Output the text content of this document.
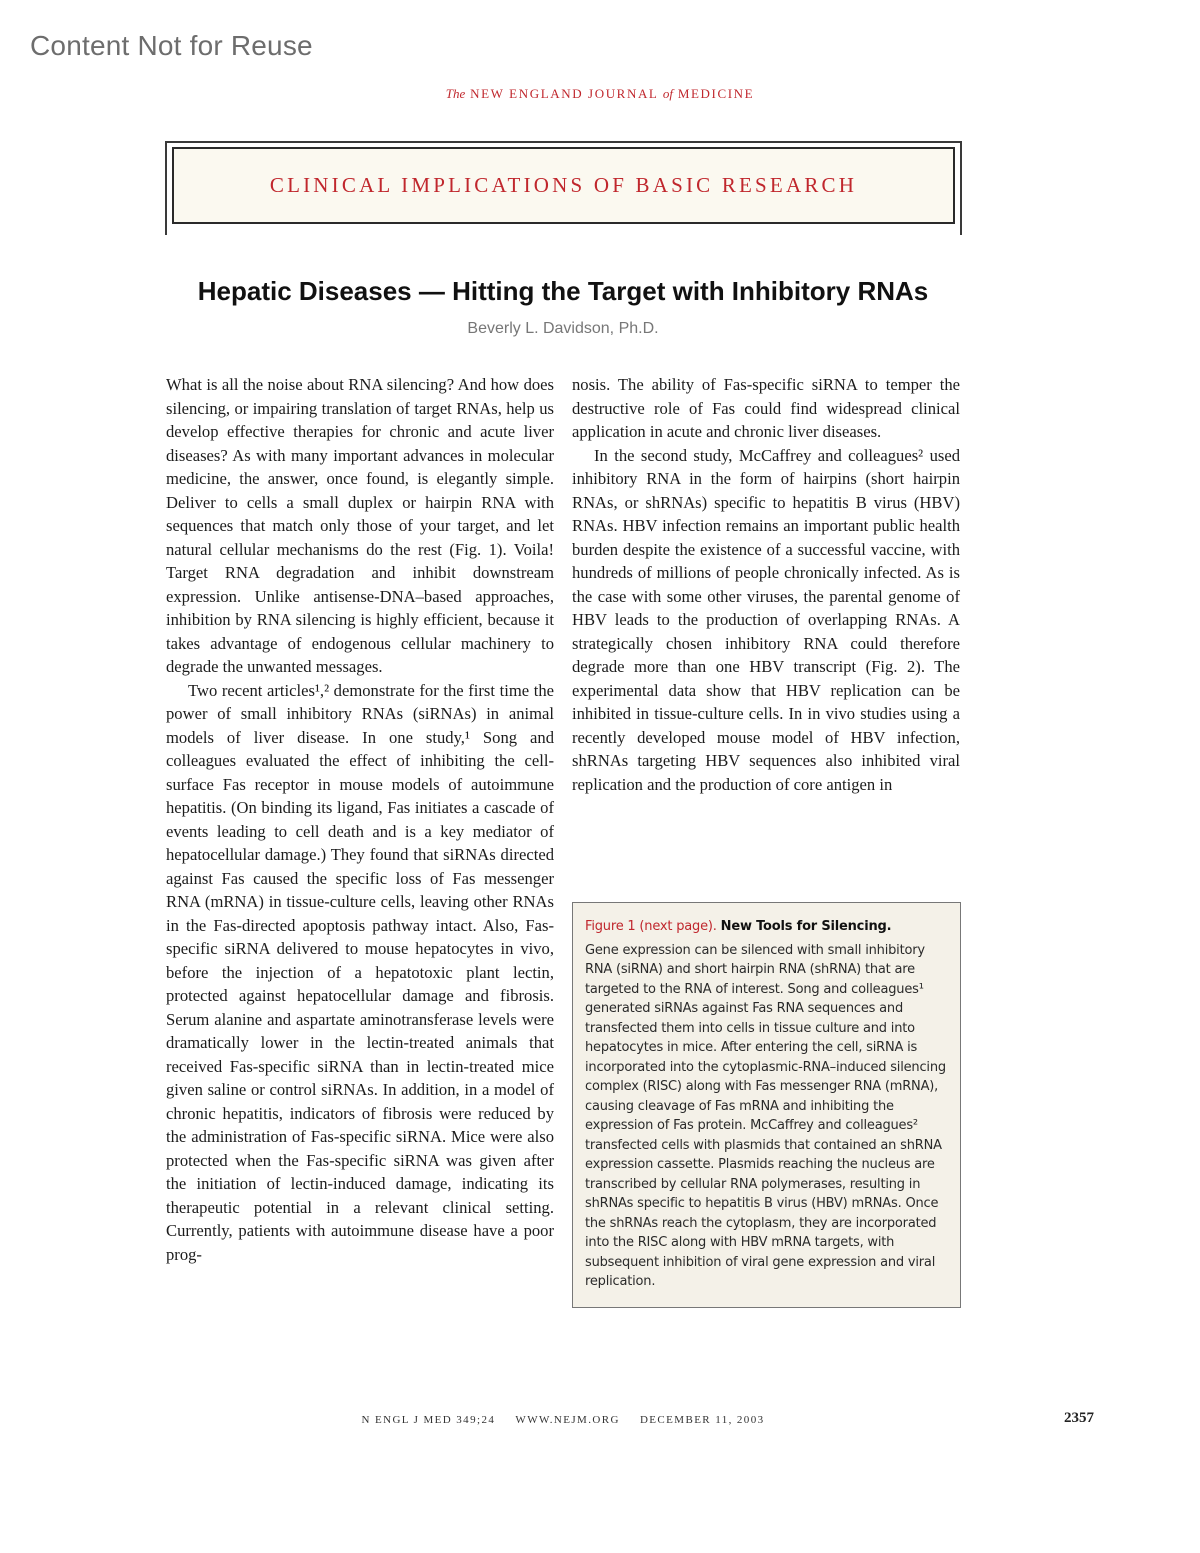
Content Not for Reuse
The NEW ENGLAND JOURNAL of MEDICINE
CLINICAL IMPLICATIONS OF BASIC RESEARCH
Hepatic Diseases — Hitting the Target with Inhibitory RNAs
Beverly L. Davidson, Ph.D.

What is all the noise about RNA silencing? And how does silencing, or impairing translation of target RNAs, help us develop effective therapies for chronic and acute liver diseases? As with many important advances in molecular medicine, the answer, once found, is elegantly simple. Deliver to cells a small duplex or hairpin RNA with sequences that match only those of your target, and let natural cellular mechanisms do the rest (Fig. 1). Voila! Target RNA degradation and inhibit downstream expression. Unlike antisense-DNA–based approaches, inhibition by RNA silencing is highly efficient, because it takes advantage of endogenous cellular machinery to degrade the unwanted messages.

Two recent articles¹,² demonstrate for the first time the power of small inhibitory RNAs (siRNAs) in animal models of liver disease. In one study,¹ Song and colleagues evaluated the effect of inhibiting the cell-surface Fas receptor in mouse models of autoimmune hepatitis. (On binding its ligand, Fas initiates a cascade of events leading to cell death and is a key mediator of hepatocellular damage.) They found that siRNAs directed against Fas caused the specific loss of Fas messenger RNA (mRNA) in tissue-culture cells, leaving other RNAs in the Fas-directed apoptosis pathway intact. Also, Fas-specific siRNA delivered to mouse hepatocytes in vivo, before the injection of a hepatotoxic plant lectin, protected against hepatocellular damage and fibrosis. Serum alanine and aspartate aminotransferase levels were dramatically lower in the lectin-treated animals that received Fas-specific siRNA than in lectin-treated mice given saline or control siRNAs. In addition, in a model of chronic hepatitis, indicators of fibrosis were reduced by the administration of Fas-specific siRNA. Mice were also protected when the Fas-specific siRNA was given after the initiation of lectin-induced damage, indicating its therapeutic potential in a relevant clinical setting. Currently, patients with autoimmune disease have a poor prog-

nosis. The ability of Fas-specific siRNA to temper the destructive role of Fas could find widespread clinical application in acute and chronic liver diseases.

In the second study, McCaffrey and colleagues² used inhibitory RNA in the form of hairpins (short hairpin RNAs, or shRNAs) specific to hepatitis B virus (HBV) RNAs. HBV infection remains an important public health burden despite the existence of a successful vaccine, with hundreds of millions of people chronically infected. As is the case with some other viruses, the parental genome of HBV leads to the production of overlapping RNAs. A strategically chosen inhibitory RNA could therefore degrade more than one HBV transcript (Fig. 2). The experimental data show that HBV replication can be inhibited in tissue-culture cells. In in vivo studies using a recently developed mouse model of HBV infection, shRNAs targeting HBV sequences also inhibited viral replication and the production of core antigen in

Figure 1 (next page). New Tools for Silencing.
Gene expression can be silenced with small inhibitory RNA (siRNA) and short hairpin RNA (shRNA) that are targeted to the RNA of interest. Song and colleagues¹ generated siRNAs against Fas RNA sequences and transfected them into cells in tissue culture and into hepatocytes in mice. After entering the cell, siRNA is incorporated into the cytoplasmic-RNA–induced silencing complex (RISC) along with Fas messenger RNA (mRNA), causing cleavage of Fas mRNA and inhibiting the expression of Fas protein. McCaffrey and colleagues² transfected cells with plasmids that contained an shRNA expression cassette. Plasmids reaching the nucleus are transcribed by cellular RNA polymerases, resulting in shRNAs specific to hepatitis B virus (HBV) mRNAs. Once the shRNAs reach the cytoplasm, they are incorporated into the RISC along with HBV mRNA targets, with subsequent inhibition of viral gene expression and viral replication.
N ENGL J MED 349;24 WWW.NEJM.ORG DECEMBER 11, 2003	2357
